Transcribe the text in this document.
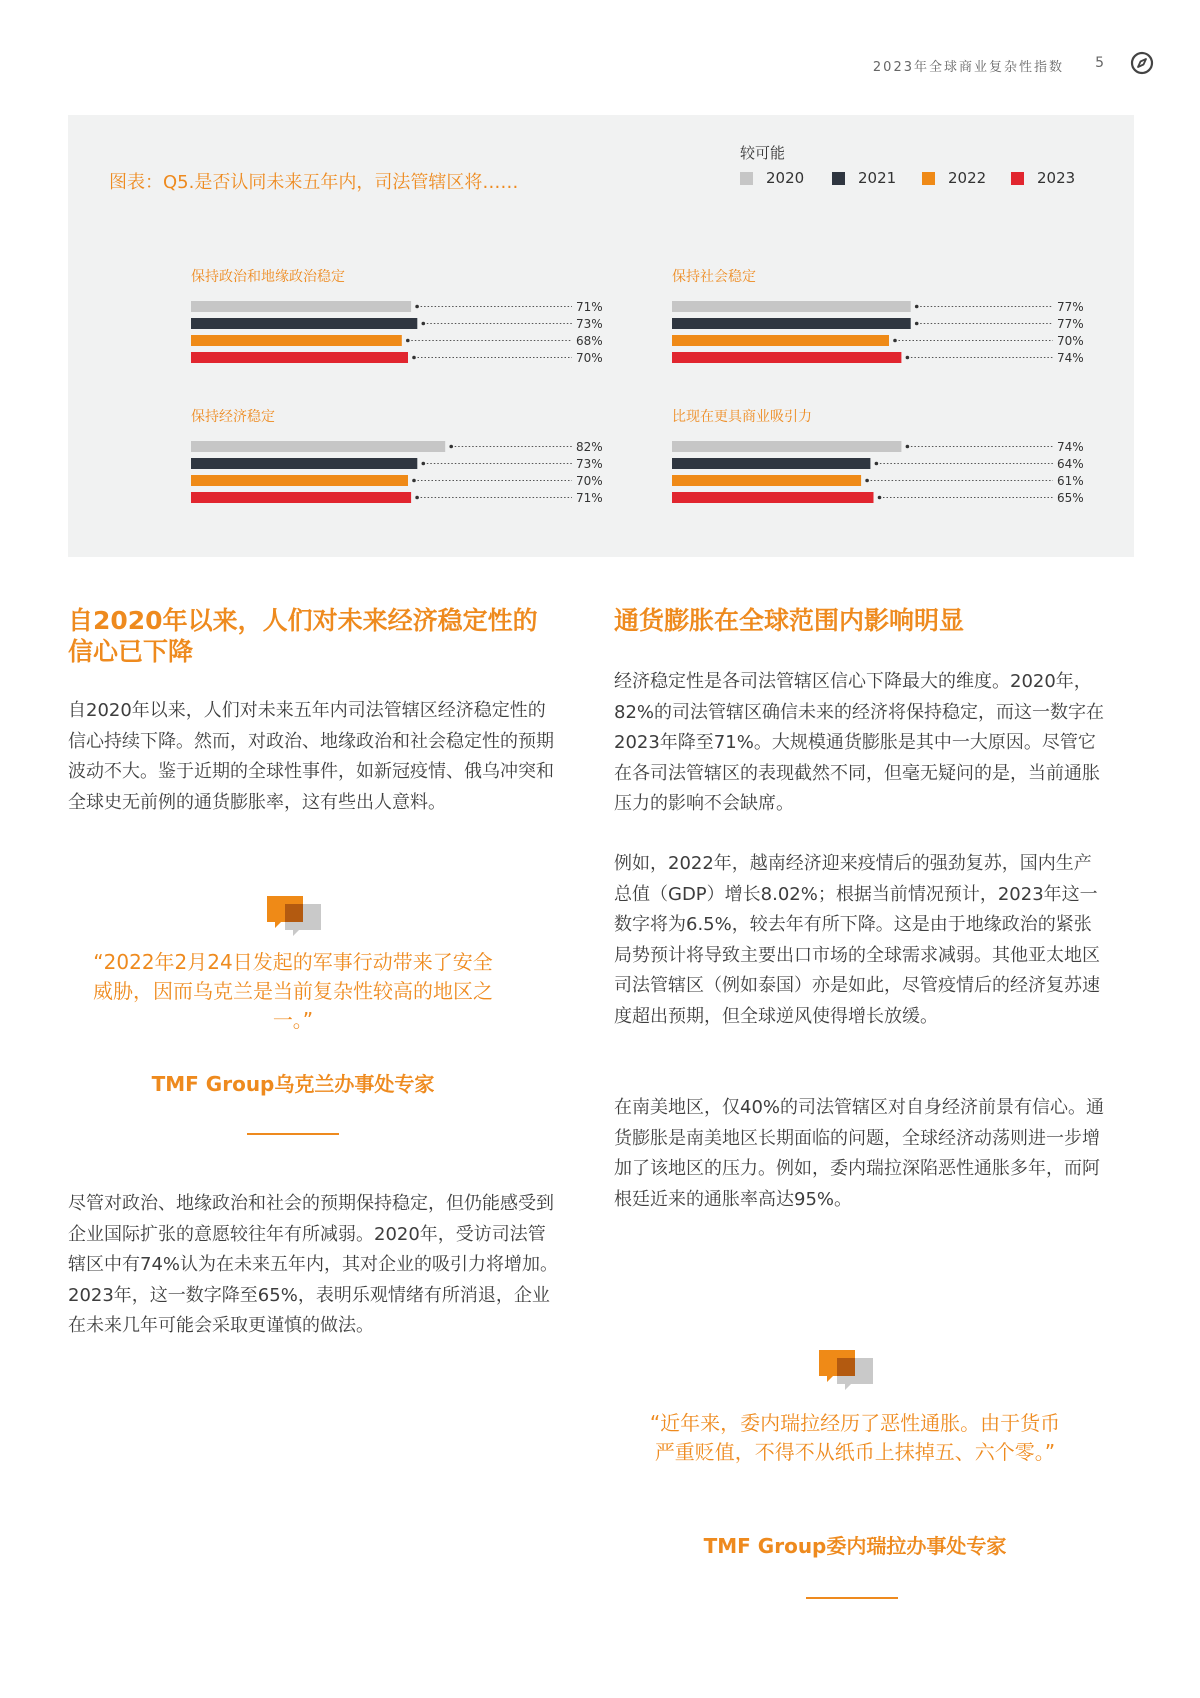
2023年全球商业复杂性指数 5
图表：Q5.是否认同未来五年内，司法管辖区将……
较可能
2020	2021	2022	2023
保持政治和地缘政治稳定
71%
73%
68%
70%
保持社会稳定
77%
77%
70%
74%
保持经济稳定
82%
73%
70%
71%
比现在更具商业吸引力
74%
64%
61%
65%
自2020年以来，人们对未来经济稳定性的信心已下降
自2020年以来，人们对未来五年内司法管辖区经济稳定性的信心持续下降。然而，对政治、地缘政治和社会稳定性的预期波动不大。鉴于近期的全球性事件，如新冠疫情、俄乌冲突和全球史无前例的通货膨胀率，这有些出人意料。
“2022年2月24日发起的军事行动带来了安全威胁，因而乌克兰是当前复杂性较高的地区之一。”
TMF Group乌克兰办事处专家
尽管对政治、地缘政治和社会的预期保持稳定，但仍能感受到企业国际扩张的意愿较往年有所减弱。2020年，受访司法管辖区中有74%认为在未来五年内，其对企业的吸引力将增加。2023年，这一数字降至65%，表明乐观情绪有所消退，企业在未来几年可能会采取更谨慎的做法。
通货膨胀在全球范围内影响明显
经济稳定性是各司法管辖区信心下降最大的维度。2020年，82%的司法管辖区确信未来的经济将保持稳定，而这一数字在2023年降至71%。大规模通货膨胀是其中一大原因。尽管它在各司法管辖区的表现截然不同，但毫无疑问的是，当前通胀压力的影响不会缺席。
例如，2022年，越南经济迎来疫情后的强劲复苏，国内生产总值（GDP）增长8.02%；根据当前情况预计，2023年这一数字将为6.5%，较去年有所下降。这是由于地缘政治的紧张局势预计将导致主要出口市场的全球需求减弱。其他亚太地区司法管辖区（例如泰国）亦是如此，尽管疫情后的经济复苏速度超出预期，但全球逆风使得增长放缓。
在南美地区，仅40%的司法管辖区对自身经济前景有信心。通货膨胀是南美地区长期面临的问题，全球经济动荡则进一步增加了该地区的压力。例如，委内瑞拉深陷恶性通胀多年，而阿根廷近来的通胀率高达95%。
“近年来，委内瑞拉经历了恶性通胀。由于货币严重贬值，不得不从纸币上抹掉五、六个零。”
TMF Group委内瑞拉办事处专家
